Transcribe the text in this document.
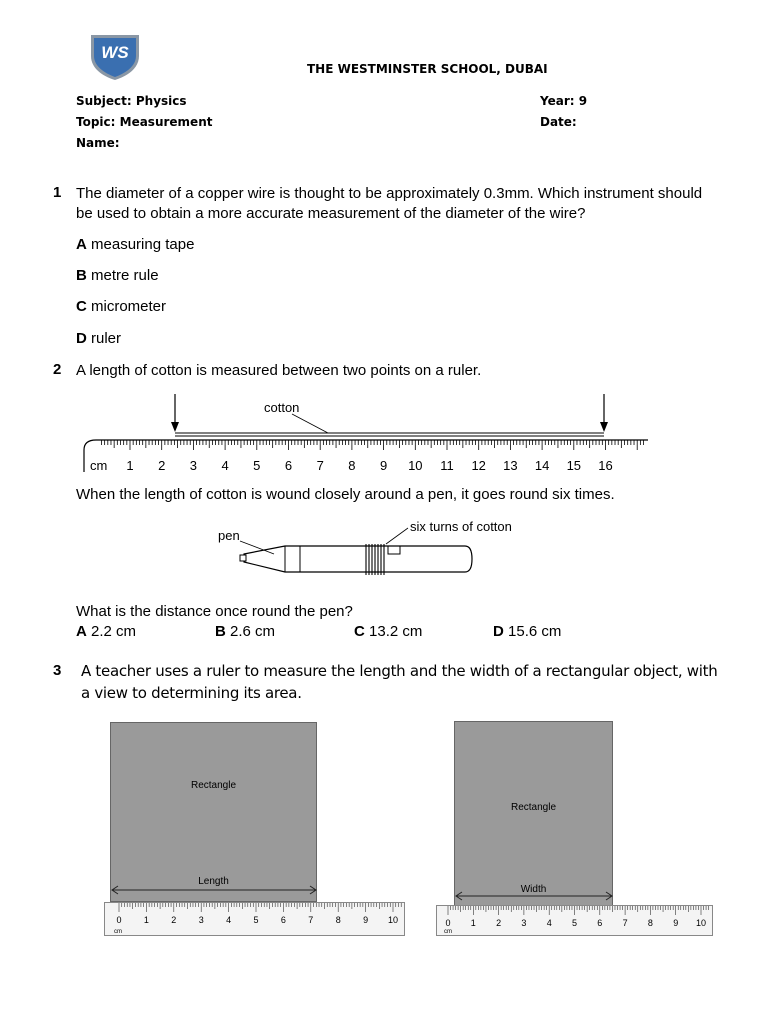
WS
THE WESTMINSTER SCHOOL, DUBAI
Subject: Physics	Year: 9
Topic: Measurement	Date:
Name:
1 The diameter of a copper wire is thought to be approximately 0.3mm. Which instrument should
be used to obtain a more accurate measurement of the diameter of the wire?
A measuring tape
B metre rule
C micrometer
D ruler
2 A length of cotton is measured between two points on a ruler.
cotton
1 2 3 4 5 6 7 8 9 10 11 12 13 14 15 16
cm
When the length of cotton is wound closely around a pen, it goes round six times.
pen
six turns of cotton
What is the distance once round the pen?
A 2.2 cm	B 2.6 cm	C 13.2 cm	D 15.6 cm
3 A teacher uses a ruler to measure the length and the width of a rectangular object, with
a view to determining its area.
Rectangle
Length
0 1 2 3 4 5 6 7 8 9 10
cm
Rectangle
Width
0 1 2 3 4 5 6 7 8 9 10
cm
